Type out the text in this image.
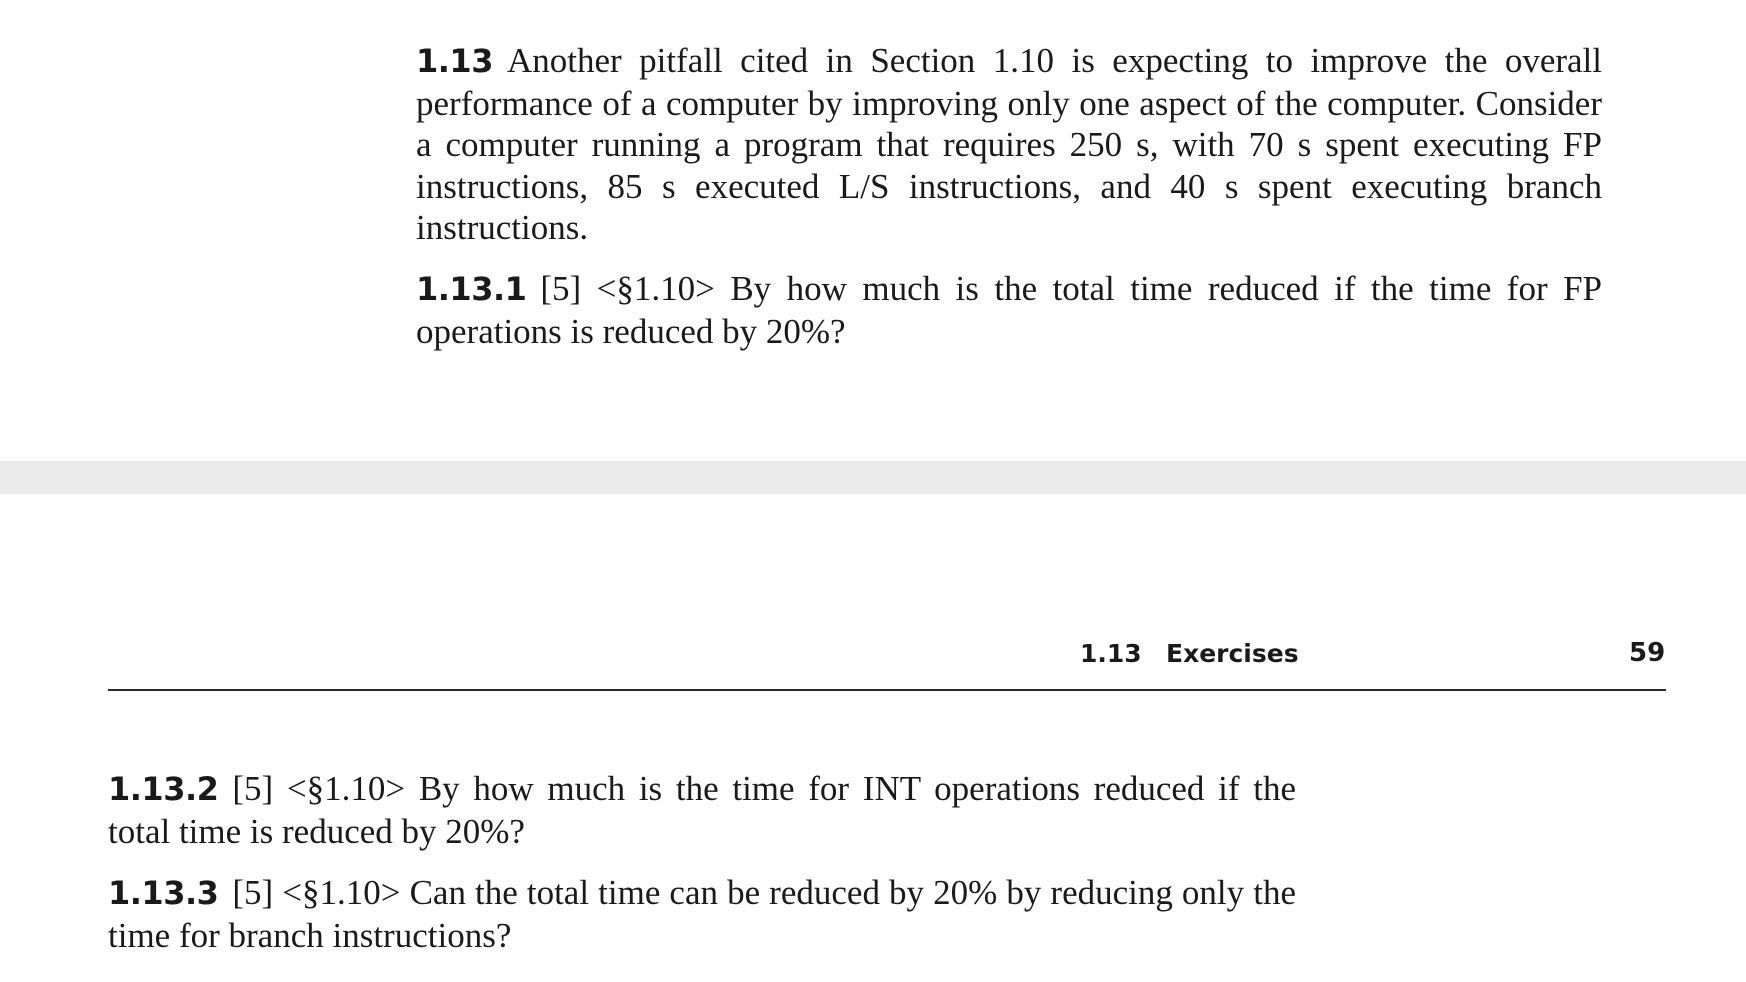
1.13 Another pitfall cited in Section 1.10 is expecting to improve the overall performance of a computer by improving only one aspect of the computer. Consider a computer running a program that requires 250 s, with 70 s spent executing FP instructions, 85 s executed L/S instructions, and 40 s spent executing branch instructions.

1.13.1 [5] <§1.10> By how much is the total time reduced if the time for FP operations is reduced by 20%?

1.13 Exercises	59

1.13.2 [5] <§1.10> By how much is the time for INT operations reduced if the total time is reduced by 20%?

1.13.3 [5] <§1.10> Can the total time can be reduced by 20% by reducing only the time for branch instructions?
